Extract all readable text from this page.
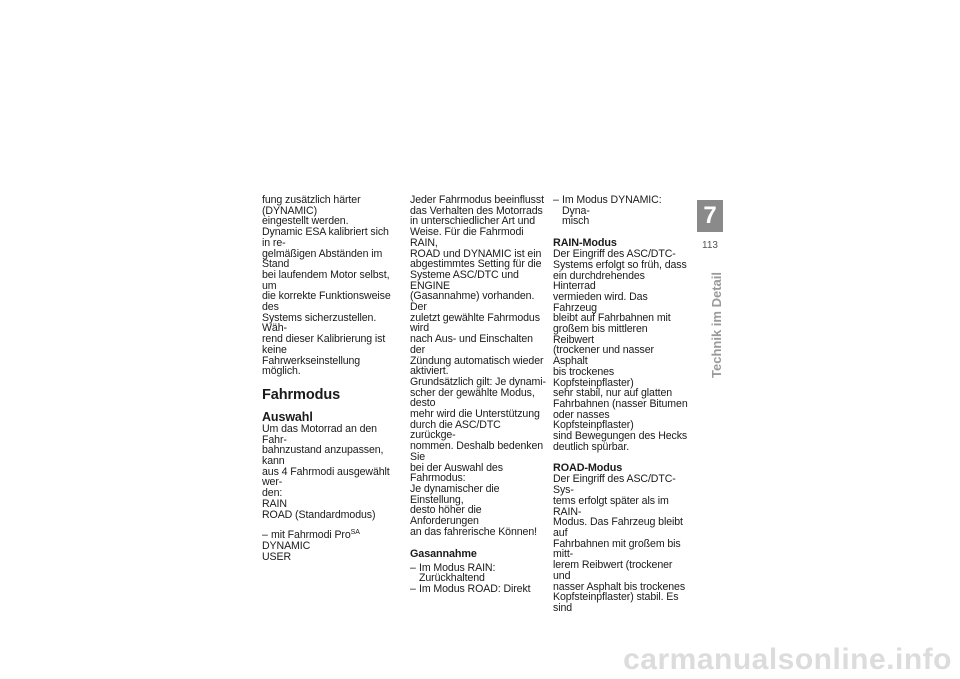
fung zusätzlich härter (DYNAMIC)

eingestellt werden.

Dynamic ESA kalibriert sich in re-

gelmäßigen Abständen im Stand

bei laufendem Motor selbst, um

die korrekte Funktionsweise des

Systems sicherzustellen. Wäh-

rend dieser Kalibrierung ist keine

Fahrwerkseinstellung möglich.

Fahrmodus
Auswahl

Um das Motorrad an den Fahr-

bahnzustand anzupassen, kann

aus 4 Fahrmodi ausgewählt wer-

den:

RAIN

ROAD (Standardmodus)

– mit Fahrmodi Pro$^{SA}$

DYNAMIC

USER

Jeder Fahrmodus beeinflusst

das Verhalten des Motorrads

in unterschiedlicher Art und

Weise. Für die Fahrmodi RAIN,

ROAD und DYNAMIC ist ein

abgestimmtes Setting für die

Systeme ASC/DTC und ENGINE

(Gasannahme) vorhanden. Der

zuletzt gewählte Fahrmodus wird

nach Aus- und Einschalten der

Zündung automatisch wieder

aktiviert.

Grundsätzlich gilt: Je dynami-

scher der gewählte Modus, desto

mehr wird die Unterstützung

durch die ASC/DTC zurückge-

nommen. Deshalb bedenken Sie

bei der Auswahl des Fahrmodus:

Je dynamischer die Einstellung,

desto höher die Anforderungen

an das fahrerische Können!

Gasannahme

– Im Modus RAIN: Zurückhaltend

– Im Modus ROAD: Direkt

– Im Modus DYNAMIC: Dyna-

misch

RAIN-Modus

Der Eingriff des ASC/DTC-

Systems erfolgt so früh, dass

ein durchdrehendes Hinterrad

vermieden wird. Das Fahrzeug

bleibt auf Fahrbahnen mit

großem bis mittleren Reibwert

(trockener und nasser Asphalt

bis trockenes Kopfsteinpflaster)

sehr stabil, nur auf glatten

Fahrbahnen (nasser Bitumen

oder nasses Kopfsteinpflaster)

sind Bewegungen des Hecks

deutlich spürbar.

ROAD-Modus

Der Eingriff des ASC/DTC-Sys-

tems erfolgt später als im RAIN-

Modus. Das Fahrzeug bleibt auf

Fahrbahnen mit großem bis mitt-

lerem Reibwert (trockener und

nasser Asphalt bis trockenes

Kopfsteinpflaster) stabil. Es sind

7
113
Technik im Detail
carmanualsonline.info
